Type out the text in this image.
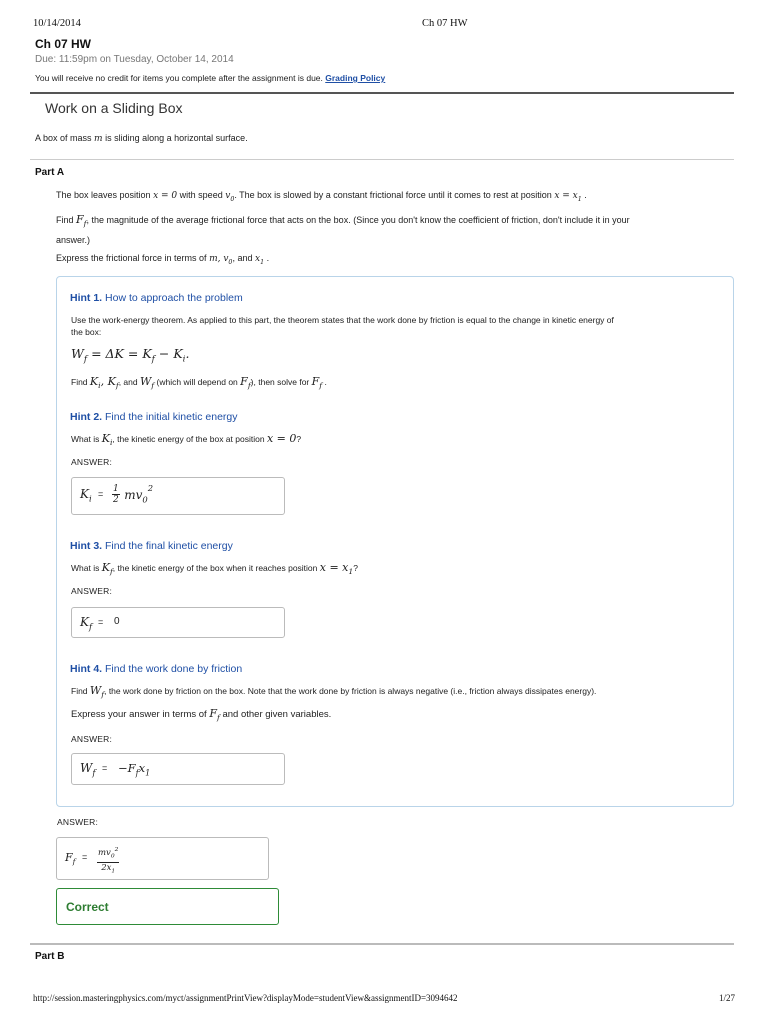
10/14/2014	Ch 07 HW
Ch 07 HW
Due: 11:59pm on Tuesday, October 14, 2014
You will receive no credit for items you complete after the assignment is due. Grading Policy
Work on a Sliding Box
A box of mass m is sliding along a horizontal surface.
Part A
The box leaves position x = 0 with speed $v_0$. The box is slowed by a constant frictional force until it comes to rest at position $x = x_1$ .
Find $F_f$, the magnitude of the average frictional force that acts on the box. (Since you don't know the coefficient of friction, don't include it in your
answer.)
Express the frictional force in terms of m, $v_0$, and $x_1$ .
Hint 1. How to approach the problem
Use the work-energy theorem. As applied to this part, the theorem states that the work done by friction is equal to the change in kinetic energy of
the box:
$W_f = \Delta K = K_f - K_i$.
Find $K_i$, $K_f$, and $W_f$ (which will depend on $F_f$), then solve for $F_f$ .
Hint 2. Find the initial kinetic energy
What is $K_i$, the kinetic energy of the box at position x = 0?
ANSWER:
$K_i = \frac{1}{2} mv_0^2$
Hint 3. Find the final kinetic energy
What is $K_f$, the kinetic energy of the box when it reaches position $x = x_1$?
ANSWER:
$K_f = 0$
Hint 4. Find the work done by friction
Find $W_f$, the work done by friction on the box. Note that the work done by friction is always negative (i.e., friction always dissipates energy).
Express your answer in terms of $F_f$ and other given variables.
ANSWER:
$W_f = -F_fx_1$
ANSWER:
$F_f = \frac{mv_0^2}{2x_1}$
Correct
Part B
http://session.masteringphysics.com/myct/assignmentPrintView?displayMode=studentView&assignmentID=3094642	1/27
